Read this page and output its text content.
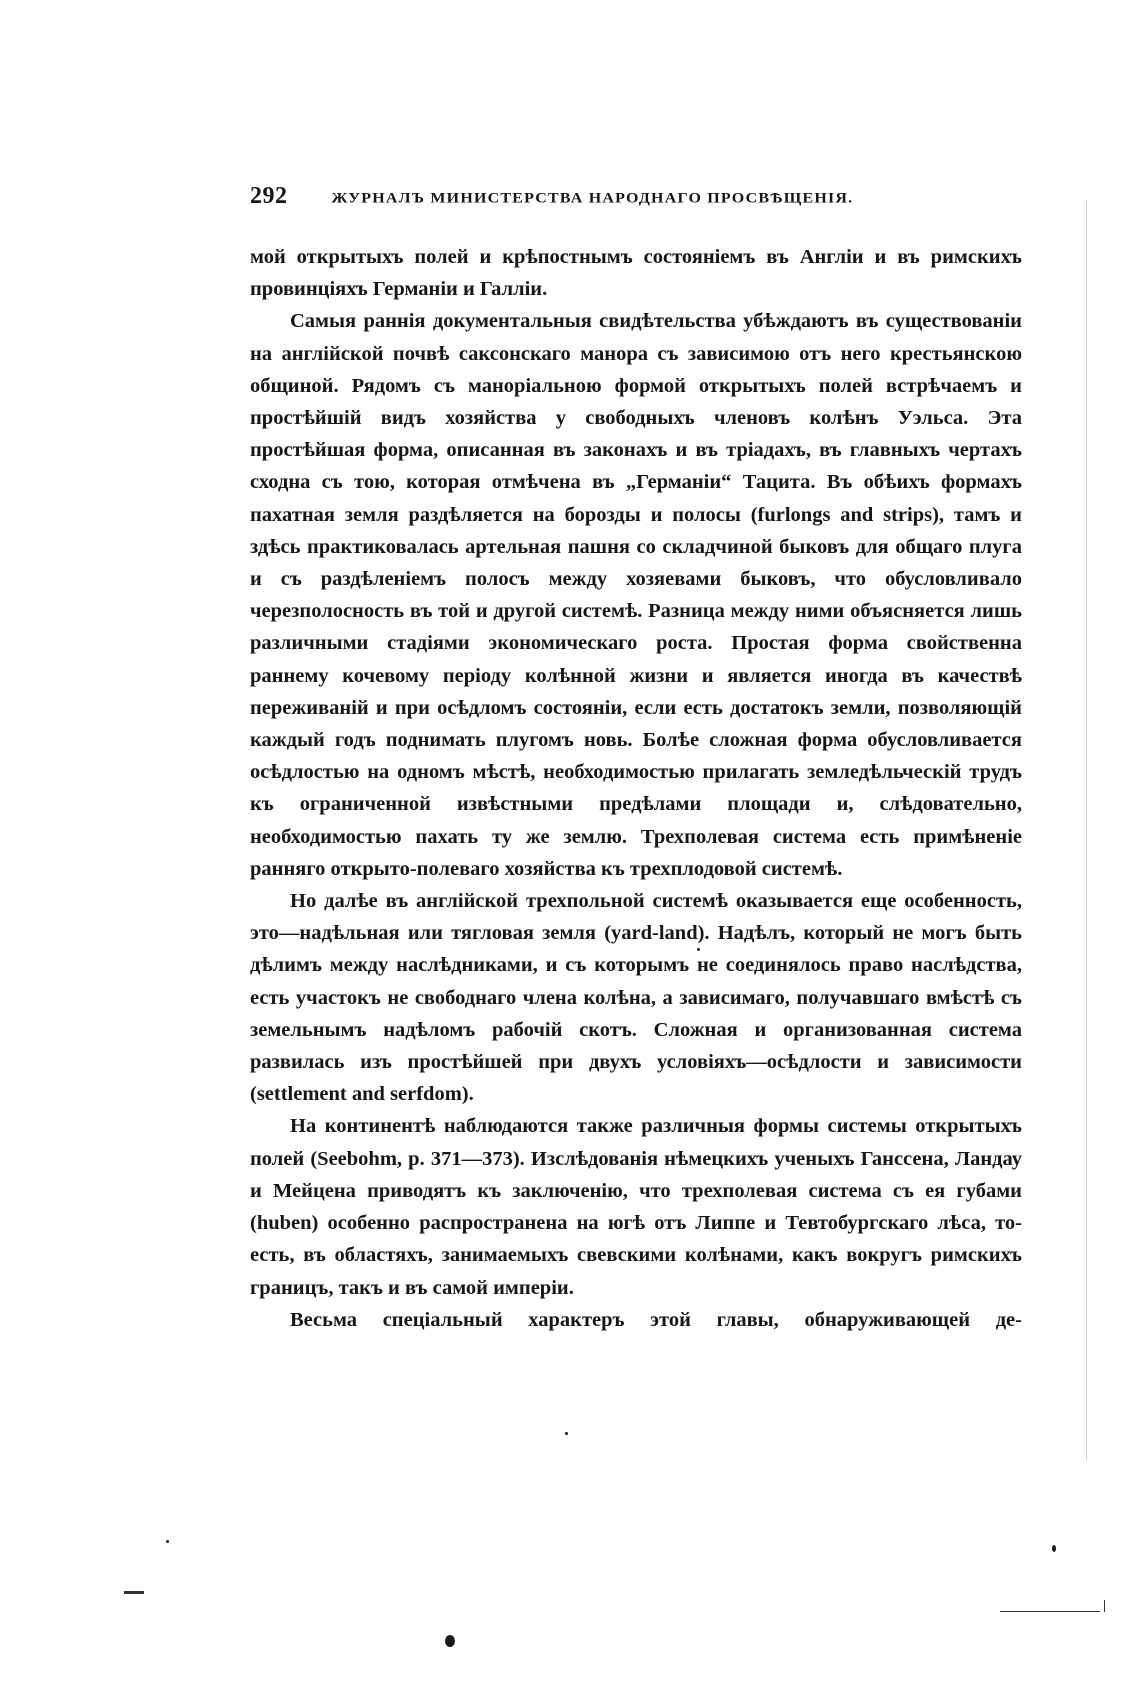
292	ЖУРНАЛЪ МИНИСТЕРСТВА НАРОДНАГО ПРОСВѢЩЕНІЯ.

мой открытыхъ полей и крѣпостнымъ состояніемъ въ Англіи и въ римскихъ провинціяхъ Германіи и Галліи.

Самыя раннія документальныя свидѣтельства убѣждаютъ въ существованіи на англійской почвѣ саксонскаго манора съ зависимою отъ него крестьянскою общиной. Рядомъ съ манорiальною формой открытыхъ полей встрѣчаемъ и простѣйшій видъ хозяйства у свободныхъ членовъ колѣнъ Уэльса. Эта простѣйшая форма, описанная въ законахъ и въ тріадахъ, въ главныхъ чертахъ сходна съ тою, которая отмѣчена въ „Германіи“ Тацита. Въ обѣихъ формахъ пахатная земля раздѣляется на борозды и полосы (furlongs and strips), тамъ и здѣсь практиковалась артельная пашня со складчиной быковъ для общаго плуга и съ раздѣленіемъ полосъ между хозяевами быковъ, что обусловливало черезполосность въ той и другой системѣ. Разница между ними объясняется лишь различными стадіями экономическаго роста. Простая форма свойственна раннему кочевому періоду колѣнной жизни и является иногда въ качествѣ переживаній и при осѣдломъ состояніи, если есть достатокъ земли, позволяющій каждый годъ поднимать плугомъ новь. Болѣе сложная форма обусловливается осѣдлостью на одномъ мѣстѣ, необходимостью прилагать земледѣльческій трудъ къ ограниченной извѣстными предѣлами площади и, слѣдовательно, необходимостью пахать ту же землю. Трехполевая система есть примѣненіе ранняго открыто-полеваго хозяйства къ трехплодовой системѣ.

Но далѣе въ англійской трехпольной системѣ оказывается еще особенность, это—надѣльная или тягловая земля (yard-land). Надѣлъ, который не могъ быть дѣлимъ между наслѣдниками, и съ которымъ не соединялось право наслѣдства, есть участокъ не свободнаго члена колѣна, а зависимаго, получавшаго вмѣстѣ съ земельнымъ надѣломъ рабочій скотъ. Сложная и организованная система развилась изъ простѣйшей при двухъ условіяхъ—осѣдлости и зависимости (settlement and serfdom).

На континентѣ наблюдаются также различныя формы системы открытыхъ полей (Seebohm, p. 371—373). Изслѣдованія нѣмецкихъ ученыхъ Ганссена, Ландау и Мейцена приводятъ къ заключенію, что трехполевая система съ ея губами (huben) особенно распространена на югѣ отъ Липпе и Тевтобургскаго лѣса, то-есть, въ областяхъ, занимаемыхъ свевскими колѣнами, какъ вокругъ римскихъ границъ, такъ и въ самой имперіи.

Весьма спеціальный характеръ этой главы, обнаруживающей де-
